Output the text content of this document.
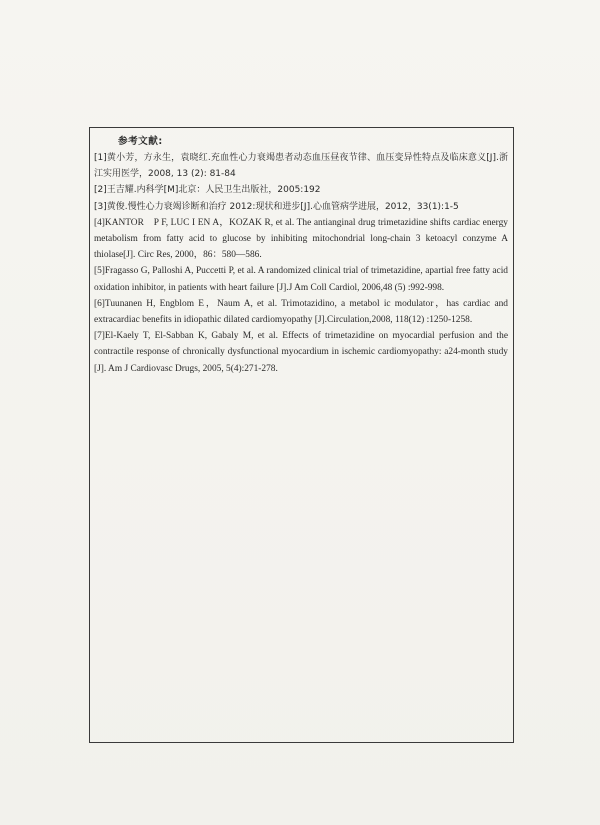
参考文献:

[1]黄小芳，方永生，袁晓红.充血性心力衰竭患者动态血压昼夜节律、血压变异性特点及临床意义[J].浙江实用医学，2008, 13 (2): 81-84

[2]王吉耀.内科学[M]北京：人民卫生出版社，2005:192

[3]黄俊.慢性心力衰竭诊断和治疗 2012:现状和进步[J].心血管病学进展，2012，33(1):1-5

[4]KANTOR　P F, LUC I EN A，KOZAK R, et al. The antianginal drug trimetazidine shifts cardiac energy metabolism from fatty acid to glucose by inhibiting mitochondrial long-chain 3 ketoacyl conzyme A thiolase[J]. Circ Res, 2000，86：580—586.

[5]Fragasso G, Palloshi A, Puccetti P, et al. A randomized clinical trial of trimetazidine, apartial free fatty acid oxidation inhibitor, in patients with heart failure [J].J Am Coll Cardiol, 2006,48 (5) :992-998.

[6]Tuunanen H, Engblom E，Naum A, et al. Trimotazidino, a metabol ic modulator，has cardiac and extracardiac benefits in idiopathic dilated cardiomyopathy [J].Circulation,2008, 118(12) :1250-1258.

[7]El-Kaely T, El-Sabban K, Gabaly M, et al. Effects of trimetazidine on myocardial perfusion and the contractile response of chronically dysfunctional myocardium in ischemic cardiomyopathy: a24-month study [J]. Am J Cardiovasc Drugs, 2005, 5(4):271-278.
